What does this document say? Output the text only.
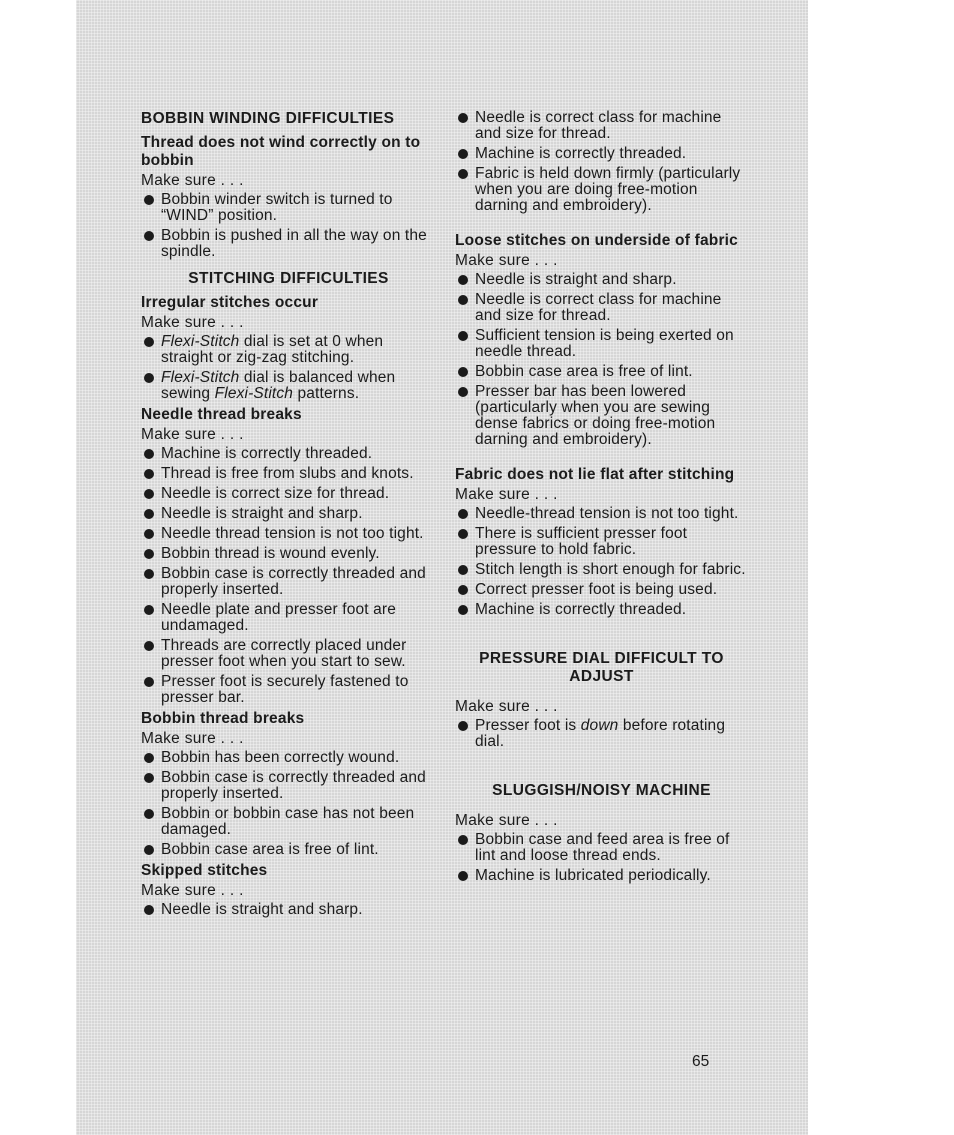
BOBBIN WINDING DIFFICULTIES
Thread does not wind correctly on to bobbin
Make sure . . .
Bobbin winder switch is turned to “WIND” position.
Bobbin is pushed in all the way on the spindle.
STITCHING DIFFICULTIES
Irregular stitches occur
Make sure . . .
Flexi-Stitch dial is set at 0 when straight or zig-zag stitching.
Flexi-Stitch dial is balanced when sewing Flexi-Stitch patterns.
Needle thread breaks
Make sure . . .
Machine is correctly threaded.
Thread is free from slubs and knots.
Needle is correct size for thread.
Needle is straight and sharp.
Needle thread tension is not too tight.
Bobbin thread is wound evenly.
Bobbin case is correctly threaded and properly inserted.
Needle plate and presser foot are undamaged.
Threads are correctly placed under presser foot when you start to sew.
Presser foot is securely fastened to presser bar.
Bobbin thread breaks
Make sure . . .
Bobbin has been correctly wound.
Bobbin case is correctly threaded and properly inserted.
Bobbin or bobbin case has not been damaged.
Bobbin case area is free of lint.
Skipped stitches
Make sure . . .
Needle is straight and sharp.
Needle is correct class for machine and size for thread.
Machine is correctly threaded.
Fabric is held down firmly (particularly when you are doing free-motion darning and embroidery).
Loose stitches on underside of fabric
Make sure . . .
Needle is straight and sharp.
Needle is correct class for machine and size for thread.
Sufficient tension is being exerted on needle thread.
Bobbin case area is free of lint.
Presser bar has been lowered (particularly when you are sewing dense fabrics or doing free-motion darning and embroidery).
Fabric does not lie flat after stitching
Make sure . . .
Needle-thread tension is not too tight.
There is sufficient presser foot pressure to hold fabric.
Stitch length is short enough for fabric.
Correct presser foot is being used.
Machine is correctly threaded.
PRESSURE DIAL DIFFICULT TO ADJUST
Make sure . . .
Presser foot is down before rotating dial.
SLUGGISH/NOISY MACHINE
Make sure . . .
Bobbin case and feed area is free of lint and loose thread ends.
Machine is lubricated periodically.
65
